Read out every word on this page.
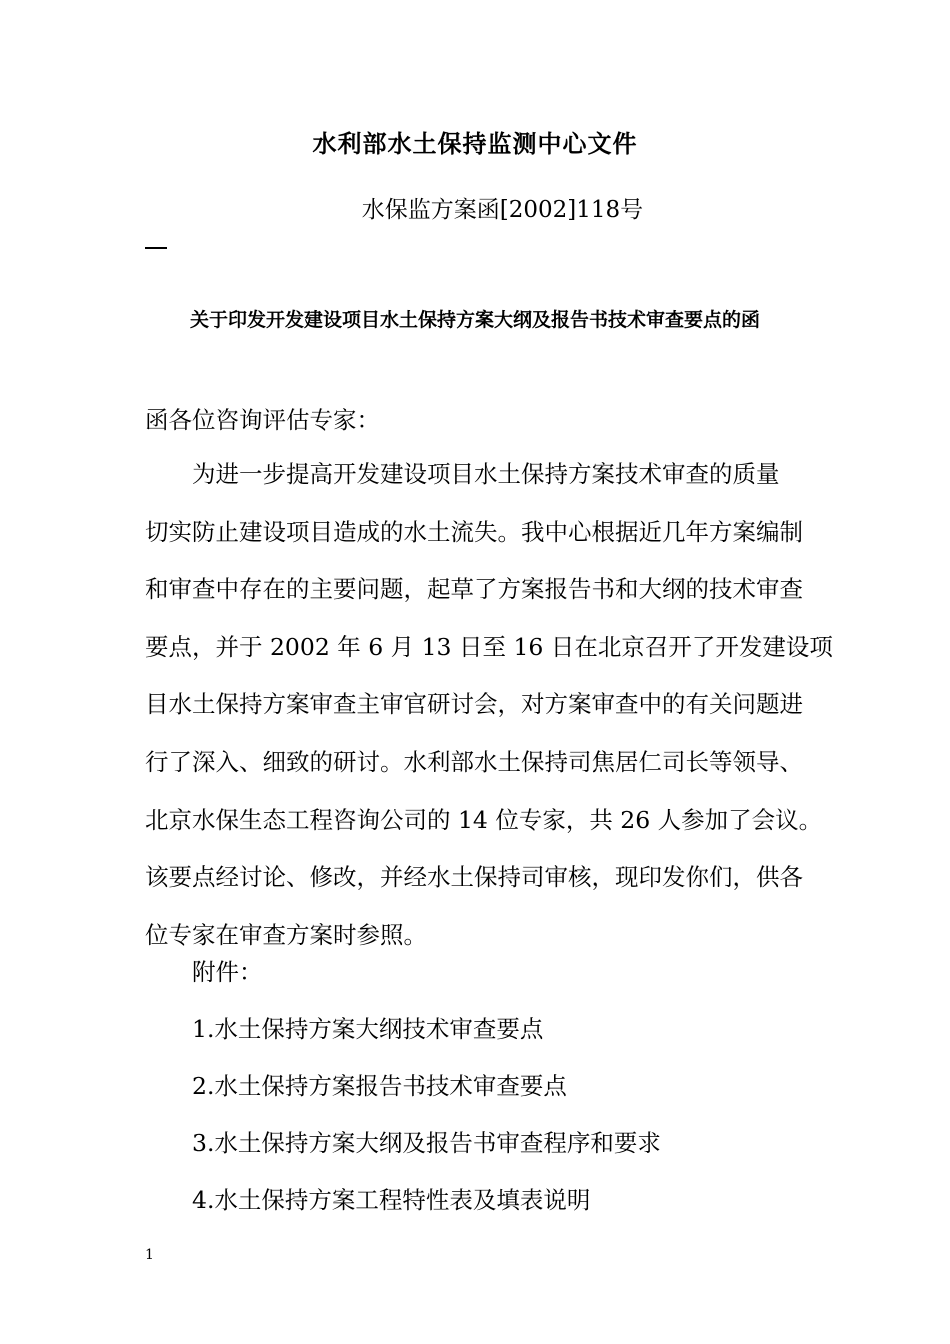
水利部水土保持监测中心文件
水保监方案函[2002]118号
关于印发开发建设项目水土保持方案大纲及报告书技术审查要点的函
函各位咨询评估专家：
为进一步提高开发建设项目水土保持方案技术审查的质量
切实防止建设项目造成的水土流失。我中心根据近几年方案编制
和审查中存在的主要问题，起草了方案报告书和大纲的技术审查
要点，并于 2002 年 6 月 13 日至 16 日在北京召开了开发建设项
目水土保持方案审查主审官研讨会，对方案审查中的有关问题进
行了深入、细致的研讨。水利部水土保持司焦居仁司长等领导、
北京水保生态工程咨询公司的 14 位专家，共 26 人参加了会议。
该要点经讨论、修改，并经水土保持司审核，现印发你们，供各
位专家在审查方案时参照。
附件：
1.水土保持方案大纲技术审查要点
2.水土保持方案报告书技术审查要点
3.水土保持方案大纲及报告书审查程序和要求
4.水土保持方案工程特性表及填表说明
1
